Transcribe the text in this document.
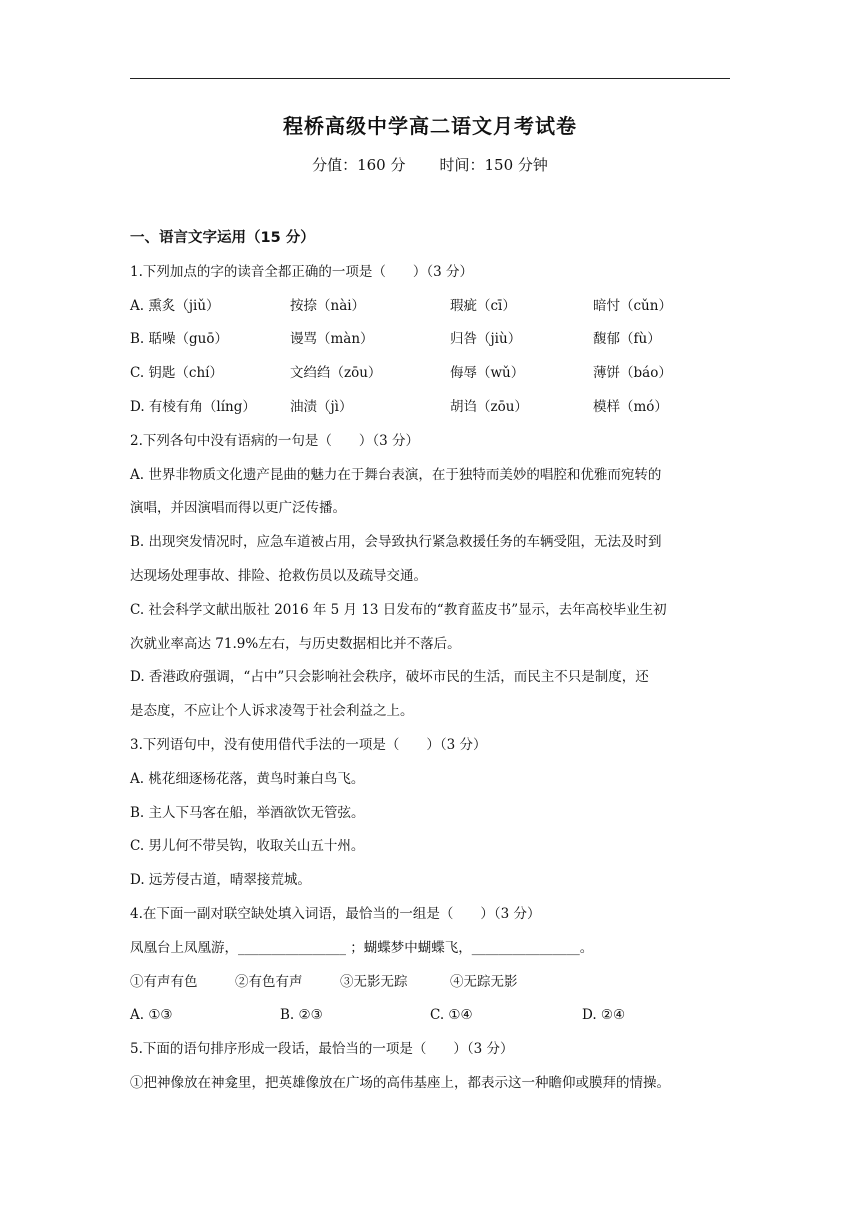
程桥高级中学高二语文月考试卷
分值：160 分 时间：150 分钟
一、语言文字运用（15 分）
1.下列加点的字的读音全都正确的一项是（　　）（3 分）
A. 熏炙（jiǔ）	按捺（nài）	瑕疵（cī）	暗忖（cǔn）
B. 聒噪（guō）	谩骂（màn）	归咎（jiù）	馥郁（fù）
C. 钥匙（chí）	文绉绉（zōu）	侮辱（wǔ）	薄饼（báo）
D. 有棱有角（líng）	油渍（jì）	胡诌（zōu）	模样（mó）
2.下列各句中没有语病的一句是（　　）（3 分）
A. 世界非物质文化遗产昆曲的魅力在于舞台表演，在于独特而美妙的唱腔和优雅而宛转的
演唱，并因演唱而得以更广泛传播。
B. 出现突发情况时，应急车道被占用，会导致执行紧急救援任务的车辆受阻，无法及时到
达现场处理事故、排险、抢救伤员以及疏导交通。
C. 社会科学文献出版社 2016 年 5 月 13 日发布的“教育蓝皮书”显示，去年高校毕业生初
次就业率高达 71.9%左右，与历史数据相比并不落后。
D. 香港政府强调，“占中”只会影响社会秩序，破坏市民的生活，而民主不只是制度，还
是态度，不应让个人诉求凌驾于社会利益之上。
3.下列语句中，没有使用借代手法的一项是（　　）（3 分）
A. 桃花细逐杨花落，黄鸟时兼白鸟飞。
B. 主人下马客在船，举酒欲饮无管弦。
C. 男儿何不带吴钩，收取关山五十州。
D. 远芳侵古道，晴翠接荒城。
4.在下面一副对联空缺处填入词语，最恰当的一组是（　　）（3 分）
凤凰台上凤凰游，________________ ；蝴蝶梦中蝴蝶飞，________________。
①有声有色	②有色有声	③无影无踪	④无踪无影
A. ①③	B. ②③	C. ①④	D. ②④
5.下面的语句排序形成一段话，最恰当的一项是（　　）（3 分）
①把神像放在神龛里，把英雄像放在广场的高伟基座上，都表示这一种瞻仰或膜拜的情操。
